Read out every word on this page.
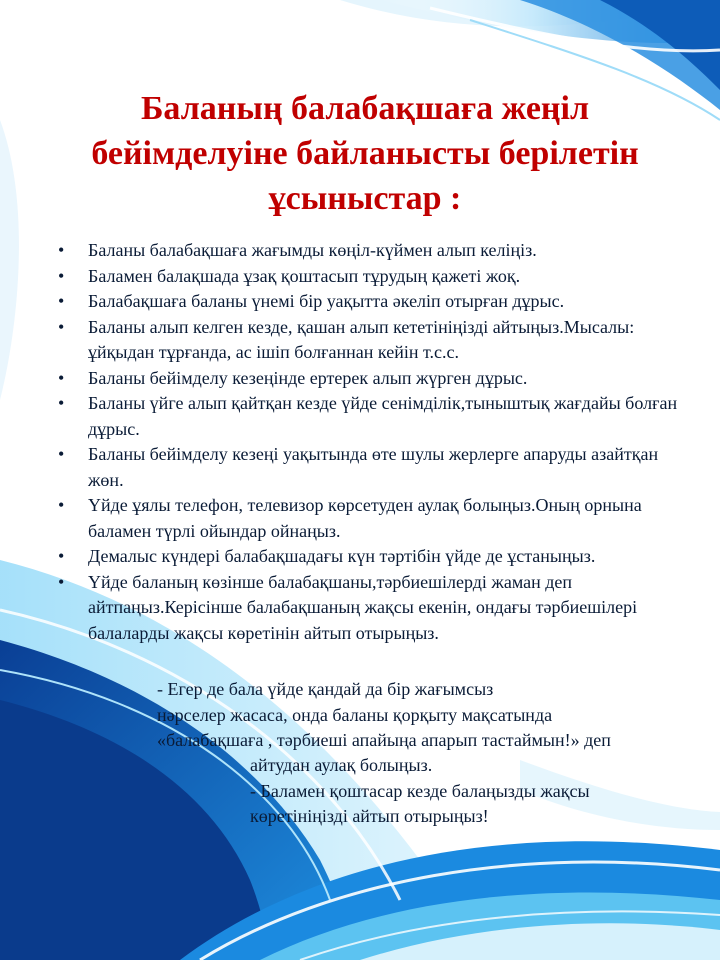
Баланың балабақшаға жеңіл
бейімделуіне байланысты берілетін
ұсыныстар :
• Баланы балабақшаға жағымды көңіл-күймен алып келіңіз.
• Баламен балақшада ұзақ қоштасып тұрудың қажеті жоқ.
• Балабақшаға баланы үнемі бір уақытта әкеліп отырған дұрыс.
• Баланы алып келген кезде, қашан алып кететініңізді айтыңыз.Мысалы: ұйқыдан тұрғанда, ас ішіп болғаннан кейін т.с.с.
• Баланы бейімделу кезеңінде ертерек алып жүрген дұрыс.
• Баланы үйге алып қайтқан кезде үйде сенімділік,тыныштық жағдайы болған дұрыс.
• Баланы бейімделу кезеңі уақытында өте шулы жерлерге апаруды азайтқан жөн.
• Үйде ұялы телефон, телевизор көрсетуден аулақ болыңыз.Оның орнына баламен түрлі ойындар ойнаңыз.
• Демалыс күндері балабақшадағы күн тәртібін үйде де ұстаныңыз.
• Үйде баланың көзінше балабақшаны,тәрбиешілерді жаман деп айтпаңыз.Керісінше балабақшаның жақсы екенін, ондағы тәрбиешілері балаларды жақсы көретінін айтып отырыңыз.
- Егер де бала үйде қандай да бір жағымсыз
нәрселер жасаса, онда баланы қорқыту мақсатында
«балабақшаға , тәрбиеші апайыңа апарып тастаймын!» деп
айтудан аулақ болыңыз.
- Баламен қоштасар кезде балаңызды жақсы
көретініңізді айтып отырыңыз!
